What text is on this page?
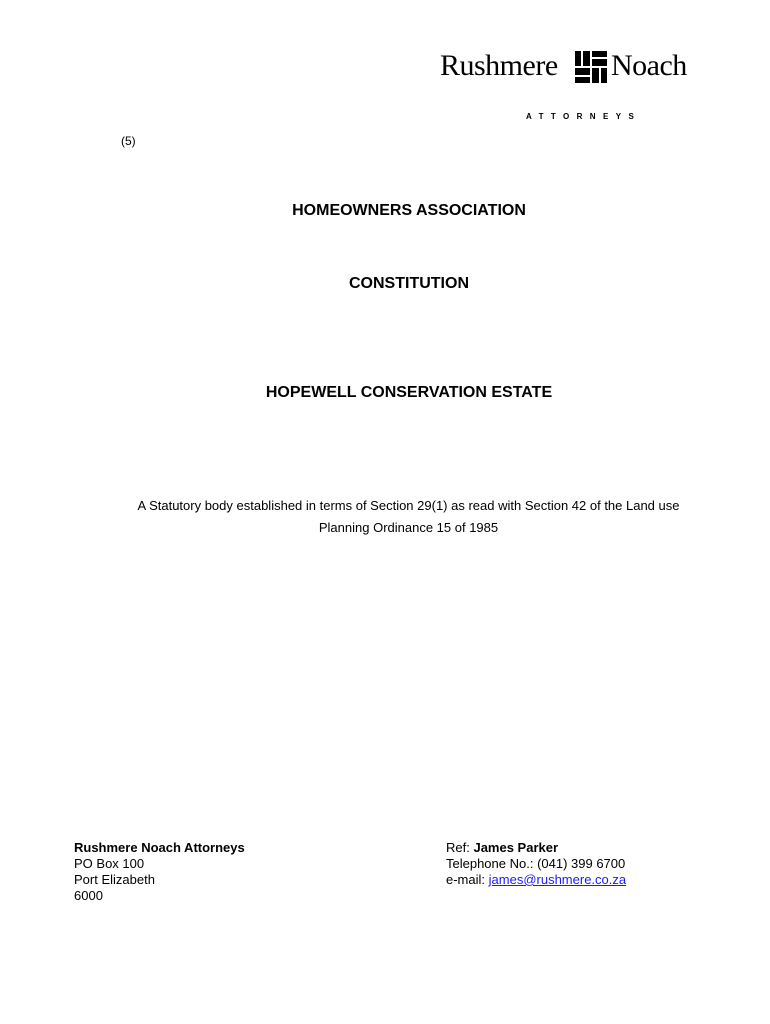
Rushmere Noach
ATTORNEYS
(5)
HOMEOWNERS ASSOCIATION
CONSTITUTION
HOPEWELL CONSERVATION ESTATE
A Statutory body established in terms of Section 29(1) as read with Section 42 of the Land use Planning Ordinance 15 of 1985
Rushmere Noach Attorneys
PO Box 100
Port Elizabeth
6000
Ref: James Parker
Telephone No.: (041) 399 6700
e-mail: james@rushmere.co.za
